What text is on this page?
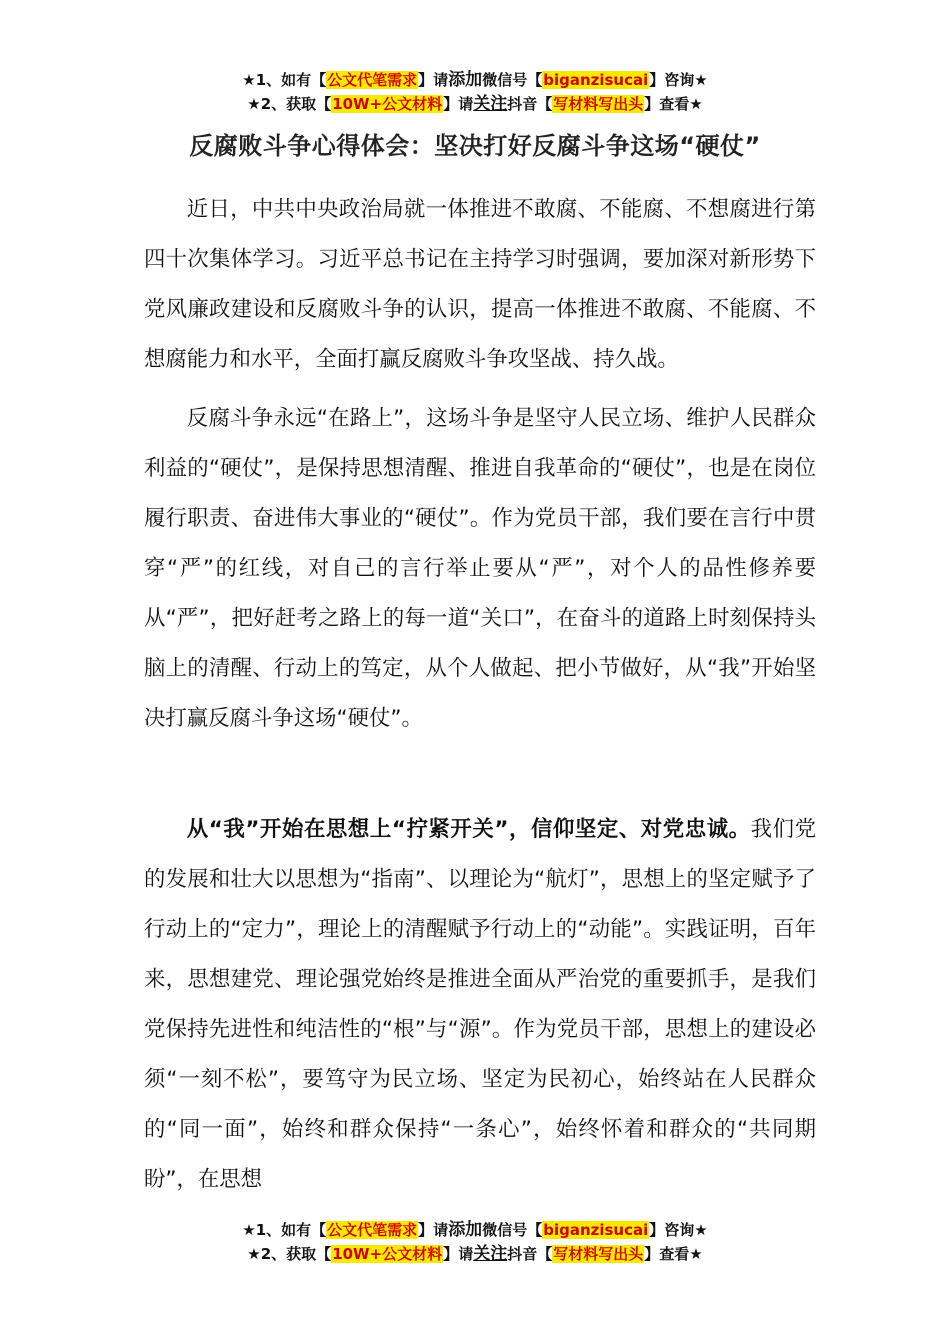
★1、如有【公文代笔需求】请添加微信号【biganzisucai】咨询★
★2、获取【10W+公文材料】请关注抖音【写材料写出头】查看★
反腐败斗争心得体会：坚决打好反腐斗争这场“硬仗”

近日，中共中央政治局就一体推进不敢腐、不能腐、不想腐进行第四十次集体学习。习近平总书记在主持学习时强调，要加深对新形势下党风廉政建设和反腐败斗争的认识，提高一体推进不敢腐、不能腐、不想腐能力和水平，全面打赢反腐败斗争攻坚战、持久战。

反腐斗争永远“在路上”，这场斗争是坚守人民立场、维护人民群众利益的“硬仗”，是保持思想清醒、推进自我革命的“硬仗”，也是在岗位履行职责、奋进伟大事业的“硬仗”。作为党员干部，我们要在言行中贯穿“严”的红线，对自己的言行举止要从“严”，对个人的品性修养要从“严”，把好赶考之路上的每一道“关口”，在奋斗的道路上时刻保持头脑上的清醒、行动上的笃定，从个人做起、把小节做好，从“我”开始坚决打赢反腐斗争这场“硬仗”。

从“我”开始在思想上“拧紧开关”，信仰坚定、对党忠诚。我们党的发展和壮大以思想为“指南”、以理论为“航灯”，思想上的坚定赋予了行动上的“定力”，理论上的清醒赋予行动上的“动能”。实践证明，百年来，思想建党、理论强党始终是推进全面从严治党的重要抓手，是我们党保持先进性和纯洁性的“根”与“源”。作为党员干部，思想上的建设必须“一刻不松”，要笃守为民立场、坚定为民初心，始终站在人民群众的“同一面”，始终和群众保持“一条心”，始终怀着和群众的“共同期盼”，在思想

★1、如有【公文代笔需求】请添加微信号【biganzisucai】咨询★
★2、获取【10W+公文材料】请关注抖音【写材料写出头】查看★
